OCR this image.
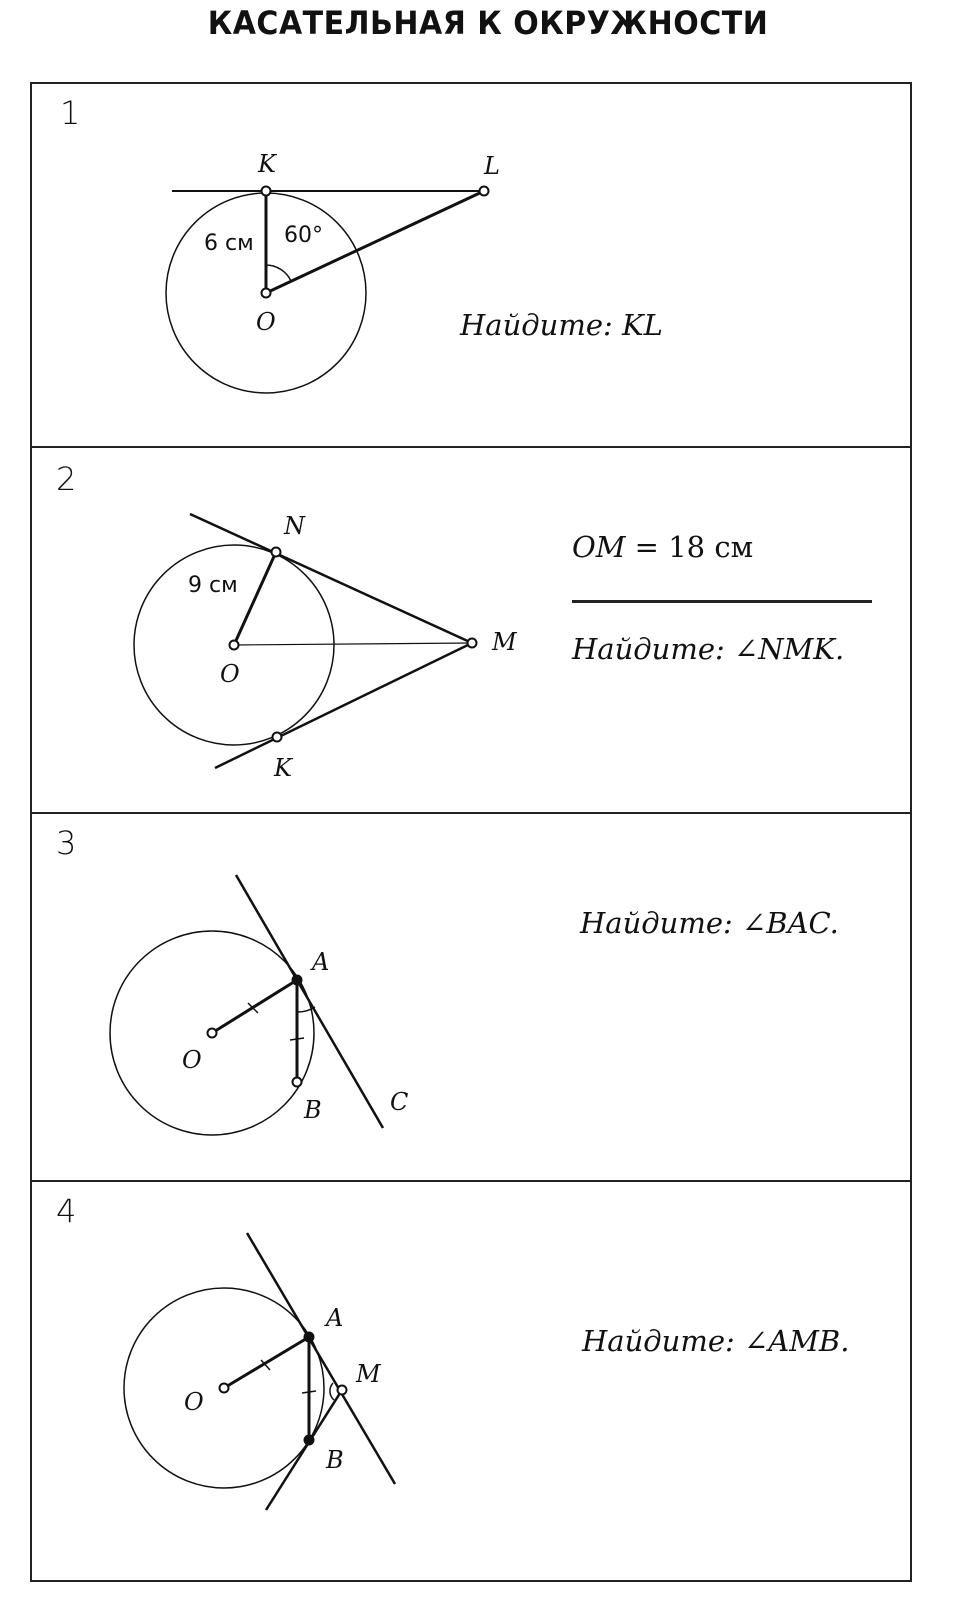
КАСАТЕЛЬНАЯ К ОКРУЖНОСТИ
1
2
3
4
Найдите: KL
OM = 18 см
Найдите: ∠NMK.
Найдите: ∠BAC.
Найдите: ∠AMB.
K	L
O
6 см 60°
N
O
M
K
9 см
A
O
B	C
A
M
O
B
